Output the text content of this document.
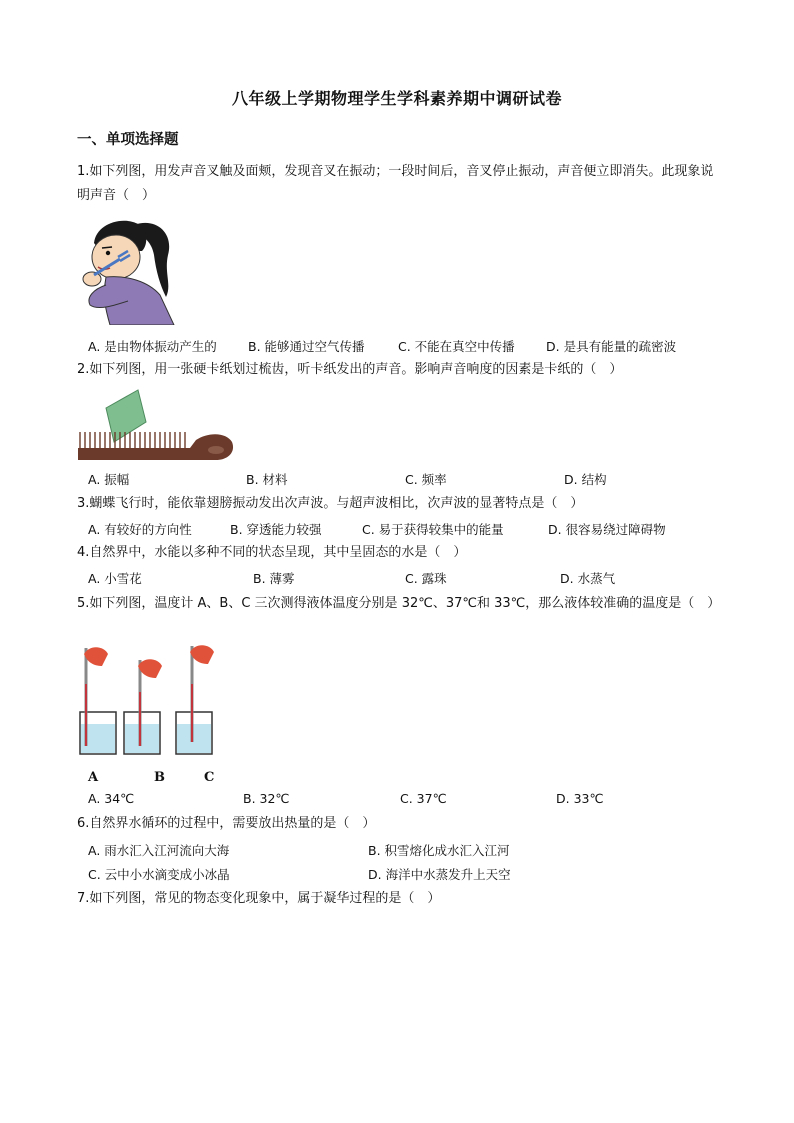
八年级上学期物理学生学科素养期中调研试卷
一、单项选择题
1.如下列图，用发声音叉触及面颊，发现音叉在振动；一段时间后，音叉停止振动，声音便立即消失。此现象说明声音（　）
A. 是由物体振动产生的 B. 能够通过空气传播	C. 不能在真空中传播	D. 是具有能量的疏密波
2.如下列图，用一张硬卡纸划过梳齿，听卡纸发出的声音。影响声音响度的因素是卡纸的（　）
A. 振幅	B. 材料	C. 频率	D. 结构
3.蝴蝶飞行时，能依靠翅膀振动发出次声波。与超声波相比，次声波的显著特点是（　）
A. 有较好的方向性	B. 穿透能力较强	C. 易于获得较集中的能量	D. 很容易绕过障碍物
4.自然界中，水能以多种不同的状态呈现，其中呈固态的水是（　）
A. 小雪花	B. 薄雾	C. 露珠	D. 水蒸气
5.如下列图，温度计 A、B、C 三次测得液体温度分别是 32℃、37℃和 33℃，那么液体较准确的温度是（　）
A	B	C
A. 34℃	B. 32℃	C. 37℃	D. 33℃
6.自然界水循环的过程中，需要放出热量的是（　）
A. 雨水汇入江河流向大海	B. 积雪熔化成水汇入江河
C. 云中小水滴变成小冰晶	D. 海洋中水蒸发升上天空
7.如下列图，常见的物态变化现象中，属于凝华过程的是（　）
